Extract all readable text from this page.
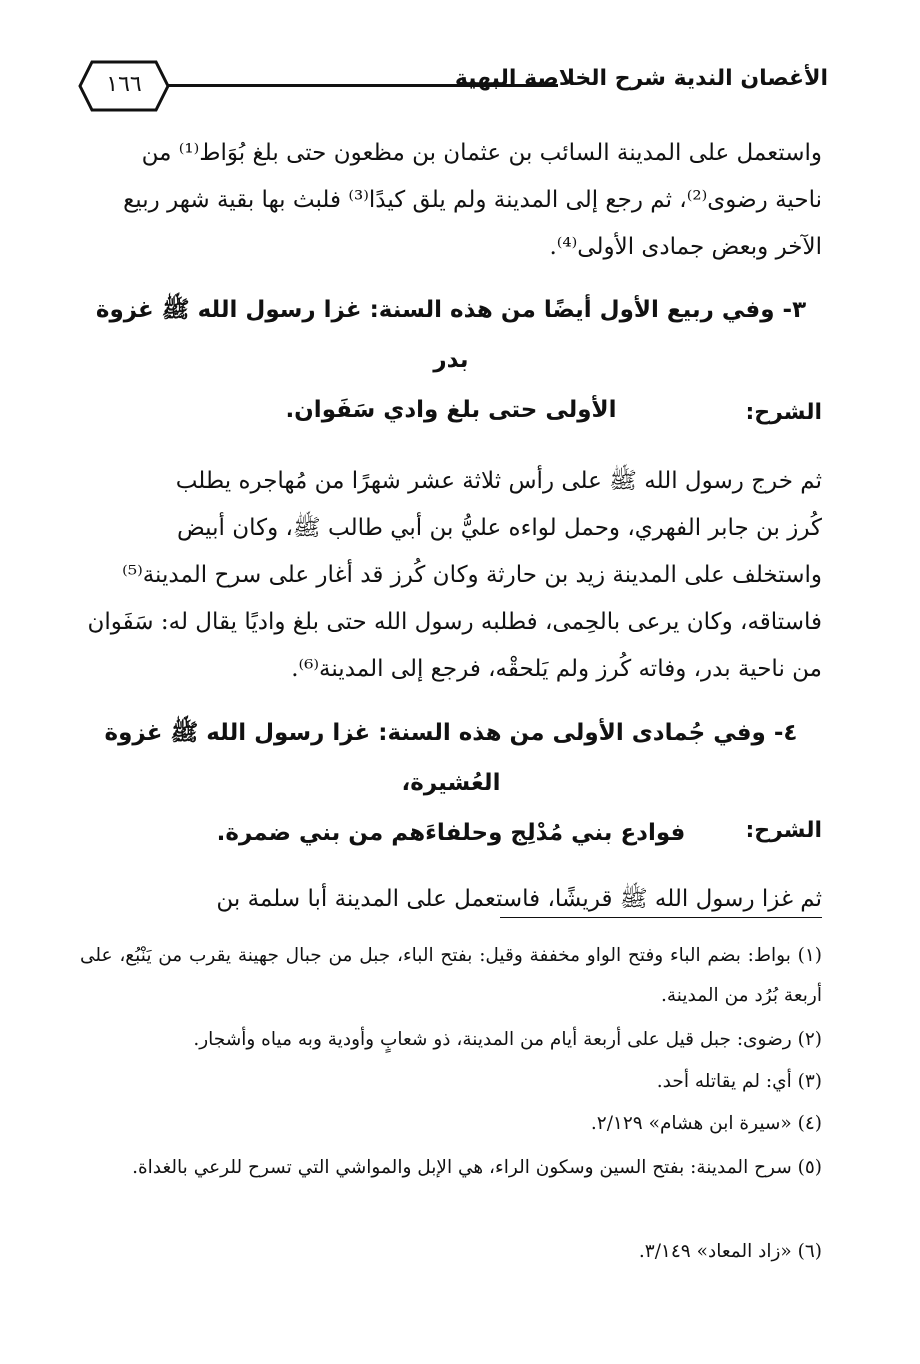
الأغصان الندية شرح الخلاصة البهية
١٦٦
واستعمل على المدينة السائب بن عثمان بن مظعون حتى بلغ بُوَاط⁽¹⁾ من
ناحية رضوى⁽²⁾، ثم رجع إلى المدينة ولم يلق كيدًا⁽³⁾ فلبث بها بقية شهر ربيع
الآخر وبعض جمادى الأولى⁽⁴⁾.
٣- وفي ربيع الأول أيضًا من هذه السنة: غزا رسول الله ﷺ غزوة بدر
الأولى حتى بلغ وادي سَفَوان.	الشرح:
ثم خرج رسول الله ﷺ على رأس ثلاثة عشر شهرًا من مُهاجره يطلب
كُرز بن جابر الفهري، وحمل لواءه عليُّ بن أبي طالب ﷺ، وكان أبيض
واستخلف على المدينة زيد بن حارثة وكان كُرز قد أغار على سرح المدينة⁽⁵⁾
فاستاقه، وكان يرعى بالحِمى، فطلبه رسول الله حتى بلغ واديًا يقال له: سَفَوان
من ناحية بدر، وفاته كُرز ولم يَلحقْه، فرجع إلى المدينة⁽⁶⁾.
٤- وفي جُمادى الأولى من هذه السنة: غزا رسول الله ﷺ غزوة العُشيرة،
فوادع بني مُدْلِج وحلفاءَهم من بني ضمرة.	الشرح:
ثم غزا رسول الله ﷺ قريشًا، فاستعمل على المدينة أبا سلمة بن
(١) بواط: بضم الباء وفتح الواو مخففة وقيل: بفتح الباء، جبل من جبال جهينة يقرب من يَنْبُع، على أربعة بُرُد من المدينة.
(٢) رضوى: جبل قيل على أربعة أيام من المدينة، ذو شعابٍ وأودية وبه مياه وأشجار.
(٣) أي: لم يقاتله أحد.
(٤) «سيرة ابن هشام» ٢/١٢٩.
(٥) سرح المدينة: بفتح السين وسكون الراء، هي الإبل والمواشي التي تسرح للرعي بالغداة.
(٦) «زاد المعاد» ٣/١٤٩.
